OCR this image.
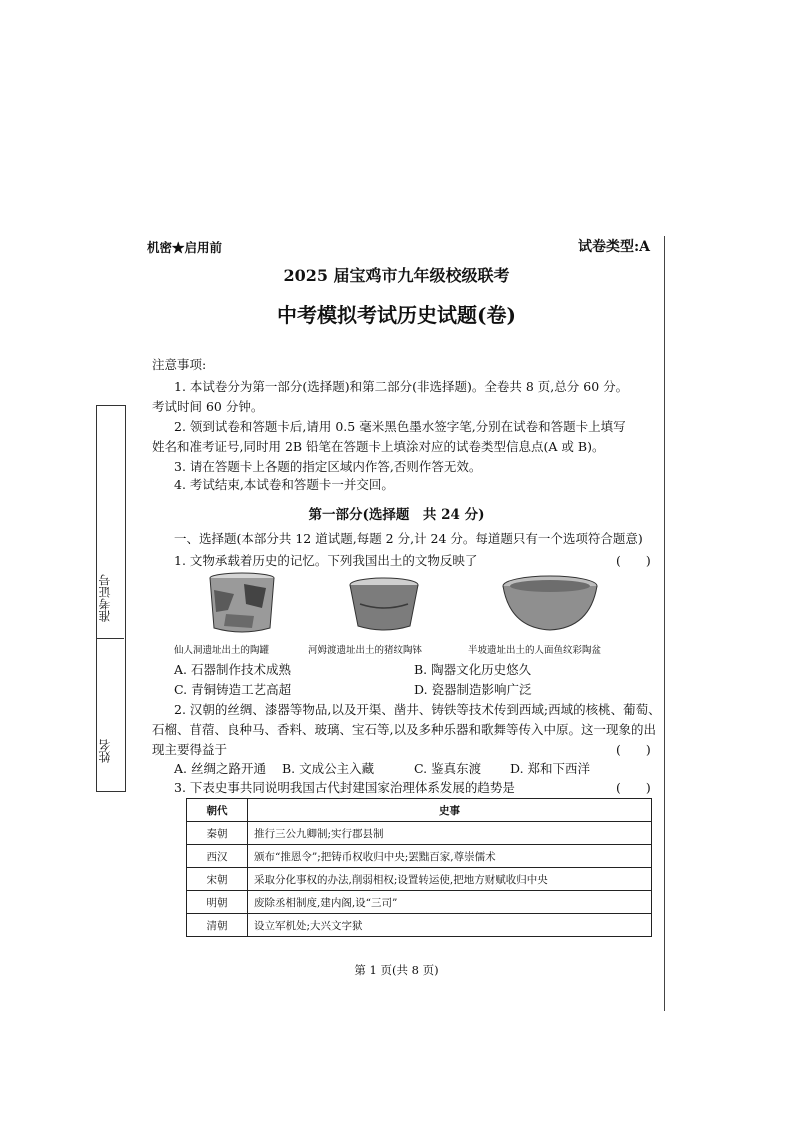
机密★启用前	试卷类型:A
2025 届宝鸡市九年级校级联考
中考模拟考试历史试题(卷)
准考证号
姓名
注意事项:
1. 本试卷分为第一部分(选择题)和第二部分(非选择题)。全卷共 8 页,总分 60 分。
考试时间 60 分钟。
2. 领到试卷和答题卡后,请用 0.5 毫米黑色墨水签字笔,分别在试卷和答题卡上填写
姓名和准考证号,同时用 2B 铅笔在答题卡上填涂对应的试卷类型信息点(A 或 B)。
3. 请在答题卡上各题的指定区域内作答,否则作答无效。
4. 考试结束,本试卷和答题卡一并交回。
第一部分(选择题　共 24 分)
一、选择题(本部分共 12 道试题,每题 2 分,计 24 分。每道题只有一个选项符合题意)
1. 文物承载着历史的记忆。下列我国出土的文物反映了	(　　)
仙人洞遗址出土的陶罐	河姆渡遗址出土的猪纹陶钵	半坡遗址出土的人面鱼纹彩陶盆
A. 石器制作技术成熟	B. 陶器文化历史悠久
C. 青铜铸造工艺高超	D. 瓷器制造影响广泛
2. 汉朝的丝绸、漆器等物品,以及开渠、凿井、铸铁等技术传到西域;西域的核桃、葡萄、
石榴、苜蓿、良种马、香料、玻璃、宝石等,以及多种乐器和歌舞等传入中原。这一现象的出
现主要得益于	(　　)
A. 丝绸之路开通 B. 文成公主入藏	C. 鉴真东渡 D. 郑和下西洋
3. 下表史事共同说明我国古代封建国家治理体系发展的趋势是	(　　)
朝代	史事
秦朝	推行三公九卿制;实行郡县制
西汉	颁布“推恩令”;把铸币权收归中央;罢黜百家,尊崇儒术
宋朝	采取分化事权的办法,削弱相权;设置转运使,把地方财赋收归中央
明朝	废除丞相制度,建内阁,设“三司”
清朝	设立军机处;大兴文字狱
第 1 页(共 8 页)
